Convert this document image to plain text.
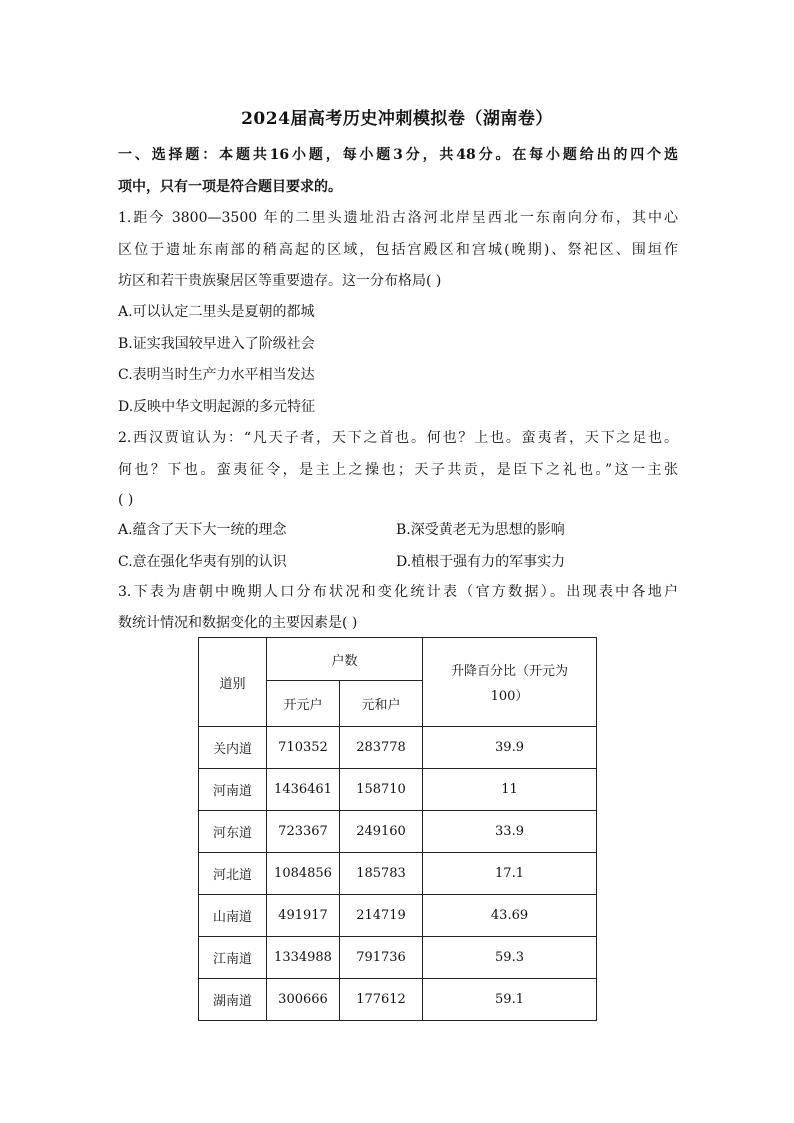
2024届高考历史冲刺模拟卷（湖南卷）
一、选择题：本题共16小题，每小题3分，共48分。在每小题给出的四个选
项中，只有一项是符合题目要求的。
1.距今 3800—3500 年的二里头遗址沿古洛河北岸呈西北一东南向分布，其中心
区位于遗址东南部的稍高起的区域，包括宫殿区和宫城(晚期)、祭祀区、围垣作
坊区和若干贵族聚居区等重要遗存。这一分布格局( )
A.可以认定二里头是夏朝的都城
B.证实我国较早进入了阶级社会
C.表明当时生产力水平相当发达
D.反映中华文明起源的多元特征
2.西汉贾谊认为：“凡天子者，天下之首也。何也？上也。蛮夷者，天下之足也。
何也？下也。蛮夷征令，是主上之操也；天子共贡，是臣下之礼也。”这一主张
( )
A.蕴含了天下大一统的理念	B.深受黄老无为思想的影响
C.意在强化华夷有别的认识	D.植根于强有力的军事实力
3.下表为唐朝中晚期人口分布状况和变化统计表（官方数据）。出现表中各地户
数统计情况和数据变化的主要因素是( )
道别	户数		升降百分比（开元为
100）

	开元户	元和户	
关内道	710352	283778	39.9
河南道	1436461	158710	11
河东道	723367	249160	33.9
河北道	1084856	185783	17.1
山南道	491917	214719	43.69
江南道	1334988	791736	59.3
湖南道	300666	177612	59.1
